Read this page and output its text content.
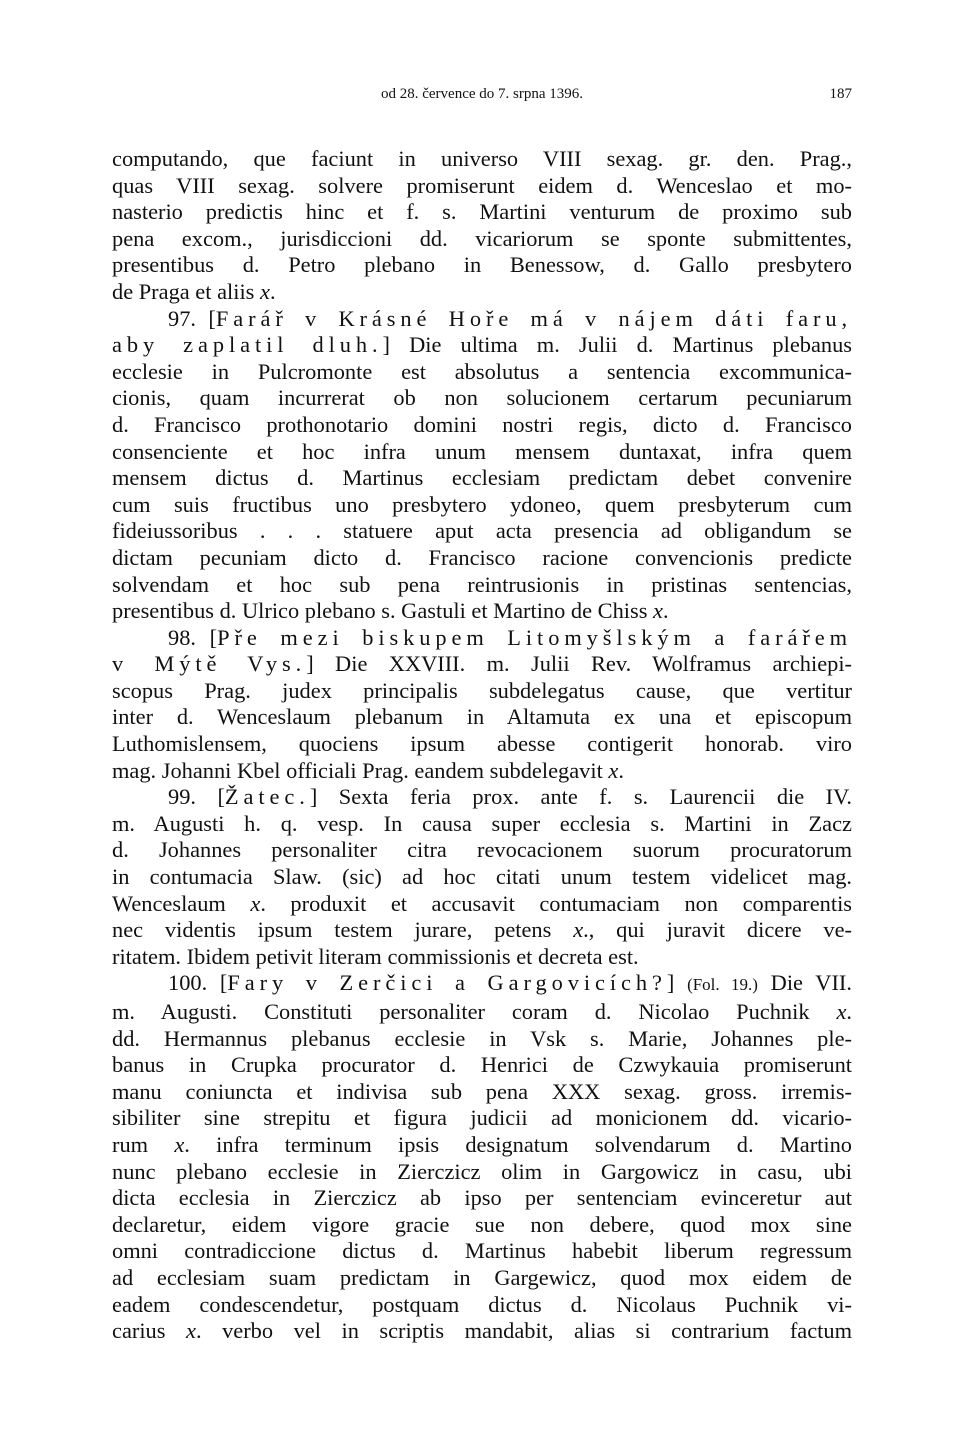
od 28. července do 7. srpna 1396.	187
computando, que faciunt in universo VIII sexag. gr. den. Prag.,
quas VIII sexag. solvere promiserunt eidem d. Wenceslao et mo-
nasterio predictis hinc et f. s. Martini venturum de proximo sub
pena excom., jurisdiccioni dd. vicariorum se sponte submittentes,
presentibus d. Petro plebano in Benessow, d. Gallo presbytero
de Praga et aliis x.
97. [Farář v Krásné Hoře má v nájem dáti faru,
aby zaplatil dluh.] Die ultima m. Julii d. Martinus plebanus
ecclesie in Pulcromonte est absolutus a sentencia excommunica-
cionis, quam incurrerat ob non solucionem certarum pecuniarum
d. Francisco prothonotario domini nostri regis, dicto d. Francisco
consenciente et hoc infra unum mensem duntaxat, infra quem
mensem dictus d. Martinus ecclesiam predictam debet convenire
cum suis fructibus uno presbytero ydoneo, quem presbyterum cum
fideiussoribus . . . statuere aput acta presencia ad obligandum se
dictam pecuniam dicto d. Francisco racione convencionis predicte
solvendam et hoc sub pena reintrusionis in pristinas sentencias,
presentibus d. Ulrico plebano s. Gastuli et Martino de Chiss x.
98. [Pře mezi biskupem Litomyšlským a farářem
v Mýtě Vys.] Die XXVIII. m. Julii Rev. Wolframus archiepi-
scopus Prag. judex principalis subdelegatus cause, que vertitur
inter d. Wenceslaum plebanum in Altamuta ex una et episcopum
Luthomislensem, quociens ipsum abesse contigerit honorab. viro
mag. Johanni Kbel officiali Prag. eandem subdelegavit x.
99. [Žatec.] Sexta feria prox. ante f. s. Laurencii die IV.
m. Augusti h. q. vesp. In causa super ecclesia s. Martini in Zacz
d. Johannes personaliter citra revocacionem suorum procuratorum
in contumacia Slaw. (sic) ad hoc citati unum testem videlicet mag.
Wenceslaum x. produxit et accusavit contumaciam non comparentis
nec videntis ipsum testem jurare, petens x., qui juravit dicere ve-
ritatem. Ibidem petivit literam commissionis et decreta est.
100. [Fary v Zerčici a Gargovicích?] (Fol. 19.) Die VII.
m. Augusti. Constituti personaliter coram d. Nicolao Puchnik x.
dd. Hermannus plebanus ecclesie in Vsk s. Marie, Johannes ple-
banus in Crupka procurator d. Henrici de Czwykauia promiserunt
manu coniuncta et indivisa sub pena XXX sexag. gross. irremis-
sibiliter sine strepitu et figura judicii ad monicionem dd. vicario-
rum x. infra terminum ipsis designatum solvendarum d. Martino
nunc plebano ecclesie in Zierczicz olim in Gargowicz in casu, ubi
dicta ecclesia in Zierczicz ab ipso per sentenciam evinceretur aut
declaretur, eidem vigore gracie sue non debere, quod mox sine
omni contradiccione dictus d. Martinus habebit liberum regressum
ad ecclesiam suam predictam in Gargewicz, quod mox eidem de
eadem condescendetur, postquam dictus d. Nicolaus Puchnik vi-
carius x. verbo vel in scriptis mandabit, alias si contrarium factum
